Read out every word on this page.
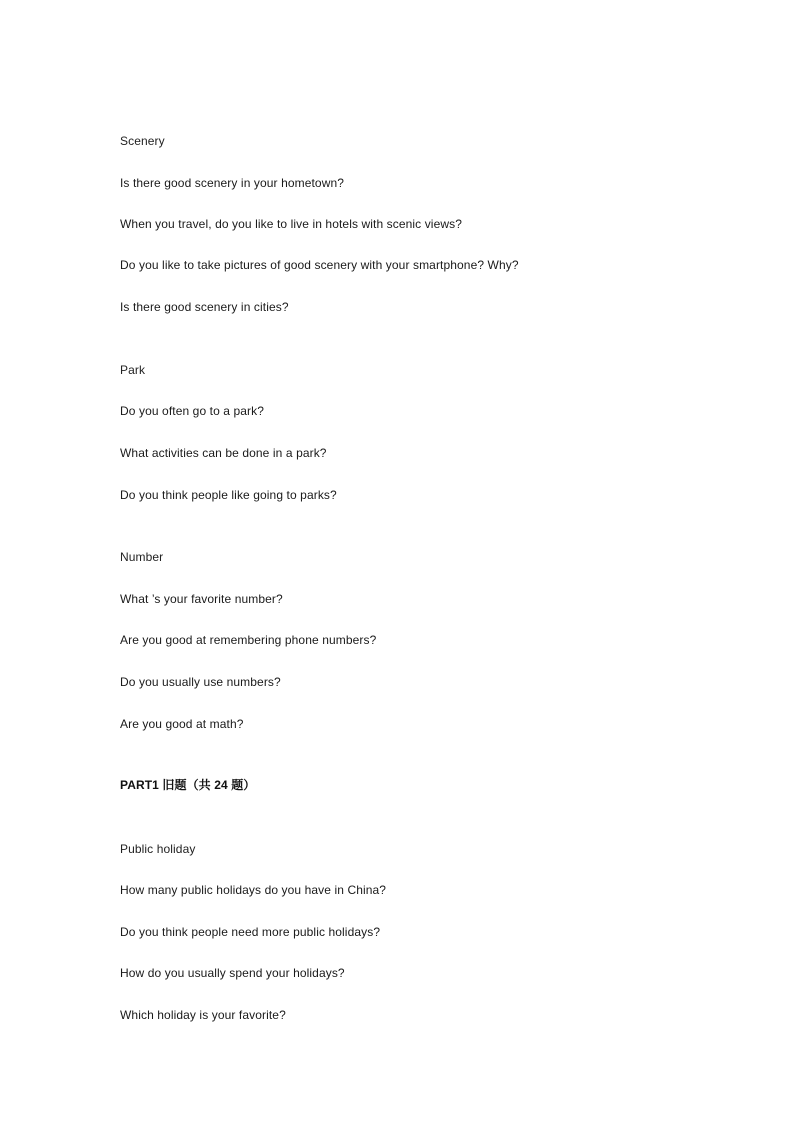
Scenery
Is there good scenery in your hometown?
When you travel, do you like to live in hotels with scenic views?
Do you like to take pictures of good scenery with your smartphone? Why?
Is there good scenery in cities?
Park
Do you often go to a park?
What activities can be done in a park?
Do you think people like going to parks?
Number
What ’s your favorite number?
Are you good at remembering phone numbers?
Do you usually use numbers?
Are you good at math?
PART1 旧题（共 24 题）
Public holiday
How many public holidays do you have in China?
Do you think people need more public holidays?
How do you usually spend your holidays?
Which holiday is your favorite?
